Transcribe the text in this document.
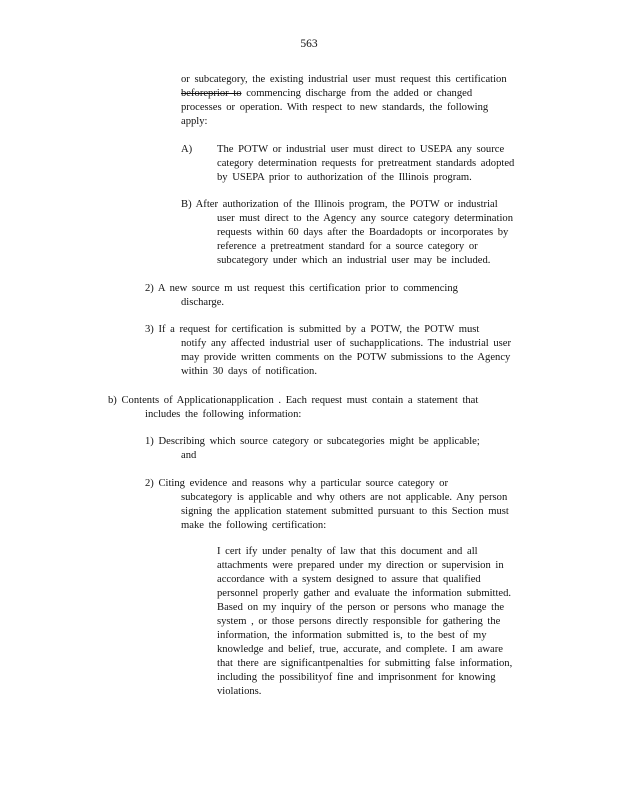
563
or subcategory, the existing industrial user must request this certification
beforeprior to commencing discharge from the added or changed
processes or operation. With respect to new standards, the following
apply:
A) The POTW or industrial user must direct to USEPA any source
category determination requests for pretreatment standards adopted
by USEPA prior to authorization of the Illinois program.
B) After authorization of the Illinois program, the POTW or industrial
user must direct to the Agency any source category determination
requests within 60 days after the Boardadopts or incorporates by
reference a pretreatment standard for a source category or
subcategory under which an industrial user may be included.
2) A new source m ust request this certification prior to commencing
discharge.
3) If a request for certification is submitted by a POTW, the POTW must
notify any affected industrial user of suchapplications. The industrial user
may provide written comments on the POTW submissions to the Agency
within 30 days of notification.
b) Contents of Applicationapplication . Each request must contain a statement that
includes the following information:
1) Describing which source category or subcategories might be applicable;
and
2) Citing evidence and reasons why a particular source category or
subcategory is applicable and why others are not applicable. Any person
signing the application statement submitted pursuant to this Section must
make the following certification:
I cert ify under penalty of law that this document and all
attachments were prepared under my direction or supervision in
accordance with a system designed to assure that qualified
personnel properly gather and evaluate the information submitted.
Based on my inquiry of the person or persons who manage the
system , or those persons directly responsible for gathering the
information, the information submitted is, to the best of my
knowledge and belief, true, accurate, and complete. I am aware
that there are significantpenalties for submitting false information,
including the possibilityof fine and imprisonment for knowing
violations.
